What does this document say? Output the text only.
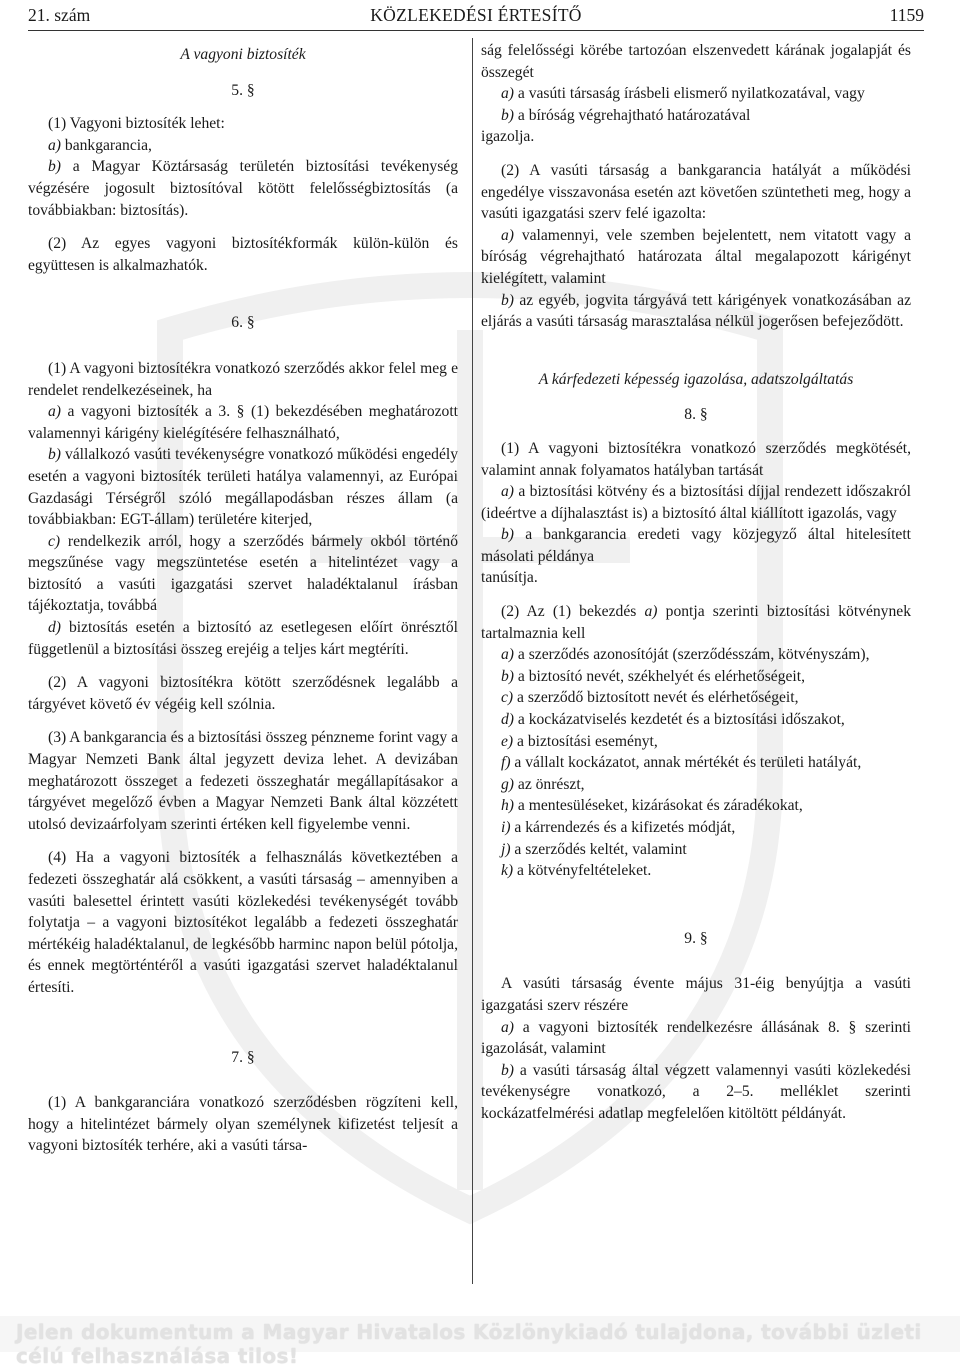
21. szám	KÖZLEKEDÉSI ÉRTESÍTŐ	1159

A vagyoni biztosíték

5. §

(1) Vagyoni biztosíték lehet:

a) bankgarancia,

b) a Magyar Köztársaság területén biztosítási tevékenység végzésére jogosult biztosítóval kötött felelősségbiztosítás (a továbbiakban: biztosítás).

(2) Az egyes vagyoni biztosítékformák külön-külön és együttesen is alkalmazhatók.

6. §

(1) A vagyoni biztosítékra vonatkozó szerződés akkor felel meg e rendelet rendelkezéseinek, ha

a) a vagyoni biztosíték a 3. § (1) bekezdésében meghatározott valamennyi kárigény kielégítésére felhasználható,

b) vállalkozó vasúti tevékenységre vonatkozó működési engedély esetén a vagyoni biztosíték területi hatálya valamennyi, az Európai Gazdasági Térségről szóló megállapodásban részes állam (a továbbiakban: EGT-állam) területére kiterjed,

c) rendelkezik arról, hogy a szerződés bármely okból történő megszűnése vagy megszüntetése esetén a hitelintézet vagy a biztosító a vasúti igazgatási szervet haladéktalanul írásban tájékoztatja, továbbá

d) biztosítás esetén a biztosító az esetlegesen előírt önrésztől függetlenül a biztosítási összeg erejéig a teljes kárt megtéríti.

(2) A vagyoni biztosítékra kötött szerződésnek legalább a tárgyévet követő év végéig kell szólnia.

(3) A bankgarancia és a biztosítási összeg pénzneme forint vagy a Magyar Nemzeti Bank által jegyzett deviza lehet. A devizában meghatározott összeget a fedezeti összeghatár megállapításakor a tárgyévet megelőző évben a Magyar Nemzeti Bank által közzétett utolsó devizaárfolyam szerinti értéken kell figyelembe venni.

(4) Ha a vagyoni biztosíték a felhasználás következtében a fedezeti összeghatár alá csökkent, a vasúti társaság – amennyiben a vasúti balesettel érintett vasúti közlekedési tevékenységét tovább folytatja – a vagyoni biztosítékot legalább a fedezeti összeghatár mértékéig haladéktalanul, de legkésőbb harminc napon belül pótolja, és ennek megtörténtéről a vasúti igazgatási szervet haladéktalanul értesíti.

7. §

(1) A bankgaranciára vonatkozó szerződésben rögzíteni kell, hogy a hitelintézet bármely olyan személynek kifizetést teljesít a vagyoni biztosíték terhére, aki a vasúti társa-

ság felelősségi körébe tartozóan elszenvedett kárának jogalapját és összegét

a) a vasúti társaság írásbeli elismerő nyilatkozatával, vagy

b) a bíróság végrehajtható határozatával

igazolja.

(2) A vasúti társaság a bankgarancia hatályát a működési engedélye visszavonása esetén azt követően szüntetheti meg, hogy a vasúti igazgatási szerv felé igazolta:

a) valamennyi, vele szemben bejelentett, nem vitatott vagy a bíróság végrehajtható határozata által megalapozott kárigényt kielégített, valamint

b) az egyéb, jogvita tárgyává tett kárigények vonatkozásában az eljárás a vasúti társaság marasztalása nélkül jogerősen befejeződött.

A kárfedezeti képesség igazolása, adatszolgáltatás

8. §

(1) A vagyoni biztosítékra vonatkozó szerződés megkötését, valamint annak folyamatos hatályban tartását

a) a biztosítási kötvény és a biztosítási díjjal rendezett időszakról (ideértve a díjhalasztást is) a biztosító által kiállított igazolás, vagy

b) a bankgarancia eredeti vagy közjegyző által hitelesített másolati példánya

tanúsítja.

(2) Az (1) bekezdés a) pontja szerinti biztosítási kötvénynek tartalmaznia kell

a) a szerződés azonosítóját (szerződésszám, kötvényszám),

b) a biztosító nevét, székhelyét és elérhetőségeit,

c) a szerződő biztosított nevét és elérhetőségeit,

d) a kockázatviselés kezdetét és a biztosítási időszakot,

e) a biztosítási eseményt,

f) a vállalt kockázatot, annak mértékét és területi hatályát,

g) az önrészt,

h) a mentesüléseket, kizárásokat és záradékokat,

i) a kárrendezés és a kifizetés módját,

j) a szerződés keltét, valamint

k) a kötvényfeltételeket.

9. §

A vasúti társaság évente május 31-éig benyújtja a vasúti igazgatási szerv részére

a) a vagyoni biztosíték rendelkezésre állásának 8. § szerinti igazolását, valamint

b) a vasúti társaság által végzett valamennyi vasúti közlekedési tevékenységre vonatkozó, a 2–5. melléklet szerinti kockázatfelmérési adatlap megfelelően kitöltött példányát.

Jelen dokumentum a Magyar Hivatalos Közlönykiadó tulajdona, további üzleti célú felhasználása tilos!
